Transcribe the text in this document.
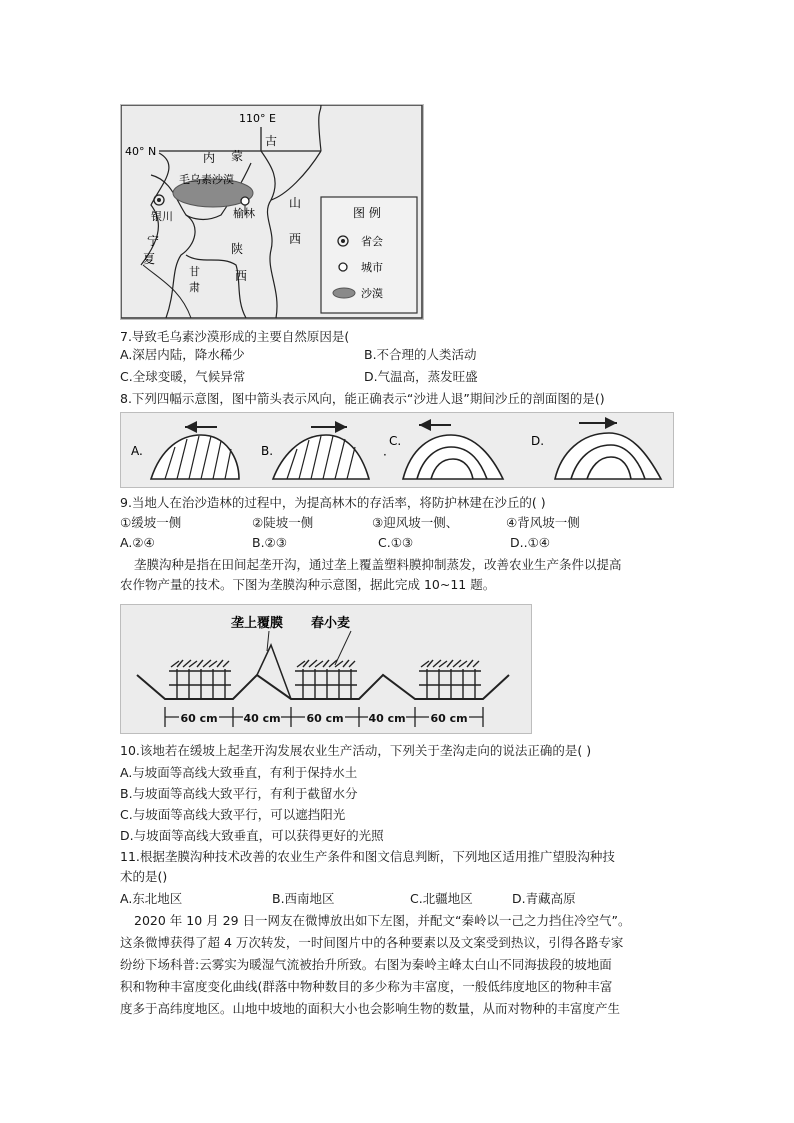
110° E
40° N	内 蒙
古
毛乌素沙漠
银川	榆林
宁
夏
陕
西
甘
肃
山
西
图 例
省会
城市
沙漠
7.导致毛乌素沙漠形成的主要自然原因是(
A.深居内陆，降水稀少	B.不合理的人类活动
C.全球变暖，气候异常	D.气温高，蒸发旺盛
8.下列四幅示意图，图中箭头表示风向，能正确表示“沙进人退”期间沙丘的剖面图的是()
A.	B.	·
C.	D.
9.当地人在治沙造林的过程中，为提高林木的存活率，将防护林建在沙丘的( )
①缓坡一侧	②陡坡一侧	③迎风坡一侧、	④背风坡一侧
A.②④	B.②③	C.①③	D..①④
垄膜沟种是指在田间起垄开沟，通过垄上覆盖塑料膜抑制蒸发，改善农业生产条件以提高
农作物产量的技术。下图为垄膜沟种示意图，据此完成 10~11 题。
60 cm 40 cm 60 cm 40 cm 60 cm
垄上覆膜 春小麦
10.该地若在缓坡上起垄开沟发展农业生产活动，下列关于垄沟走向的说法正确的是( )
A.与坡面等高线大致垂直，有利于保持水土
B.与坡面等高线大致平行，有利于截留水分
C.与坡面等高线大致平行，可以遮挡阳光
D.与坡面等高线大致垂直，可以获得更好的光照
11.根据垄膜沟种技术改善的农业生产条件和图文信息判断，下列地区适用推广望股沟种技
术的是()
A.东北地区	B.西南地区	C.北疆地区	D.青藏高原
2020 年 10 月 29 日一网友在微博放出如下左图，并配文“秦岭以一己之力挡住冷空气”。
这条微博获得了超 4 万次转发，一时间图片中的各种要素以及文案受到热议，引得各路专家
纷纷下场科普:云雾实为暖湿气流被抬升所致。右图为秦岭主峰太白山不同海拔段的坡地面
积和物种丰富度变化曲线(群落中物种数目的多少称为丰富度，一般低纬度地区的物种丰富
度多于高纬度地区。山地中坡地的面积大小也会影响生物的数量，从而对物种的丰富度产生
